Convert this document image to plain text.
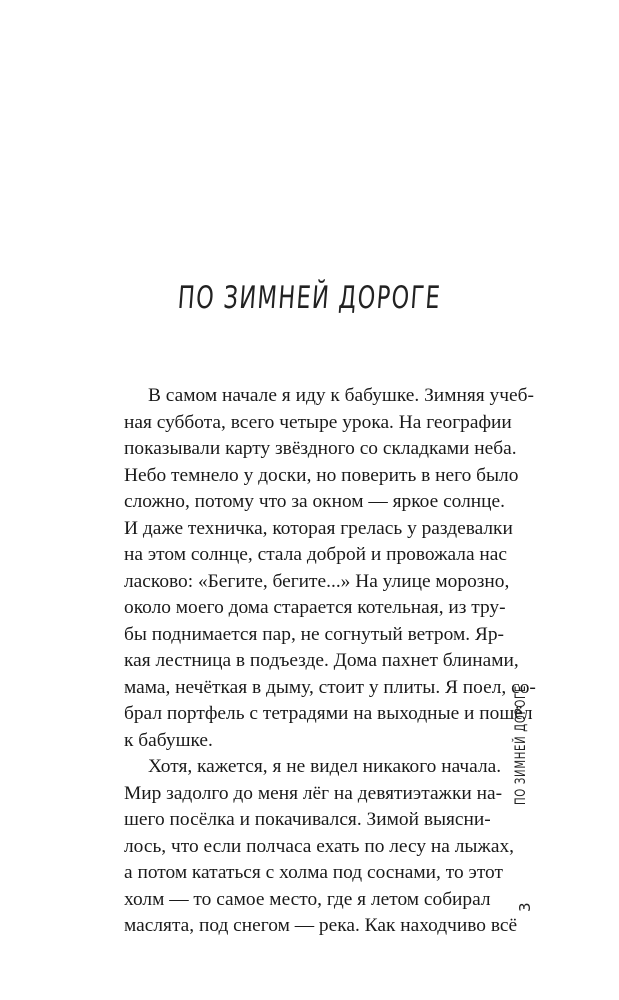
ПО ЗИМНЕЙ ДОРОГЕ
В самом начале я иду к бабушке. Зимняя учеб-
ная суббота, всего четыре урока. На географии
показывали карту звёздного со складками неба.
Небо темнело у доски, но поверить в него было
сложно, потому что за окном — яркое солнце.
И даже техничка, которая грелась у раздевалки
на этом солнце, стала доброй и провожала нас
ласково: «Бегите, бегите...» На улице морозно,
около моего дома старается котельная, из тру-
бы поднимается пар, не согнутый ветром. Яр-
кая лестница в подъезде. Дома пахнет блинами,
мама, нечёткая в дыму, стоит у плиты. Я поел, со-
брал портфель с тетрадями на выходные и пошёл
к бабушке.
Хотя, кажется, я не видел никакого начала.
Мир задолго до меня лёг на девятиэтажки на-
шего посёлка и покачивался. Зимой выясни-
лось, что если полчаса ехать по лесу на лыжах,
а потом кататься с холма под соснами, то этот
холм — то самое место, где я летом собирал
маслята, под снегом — река. Как находчиво всё
ПО ЗИМНЕЙ ДОРОГЕ
3
